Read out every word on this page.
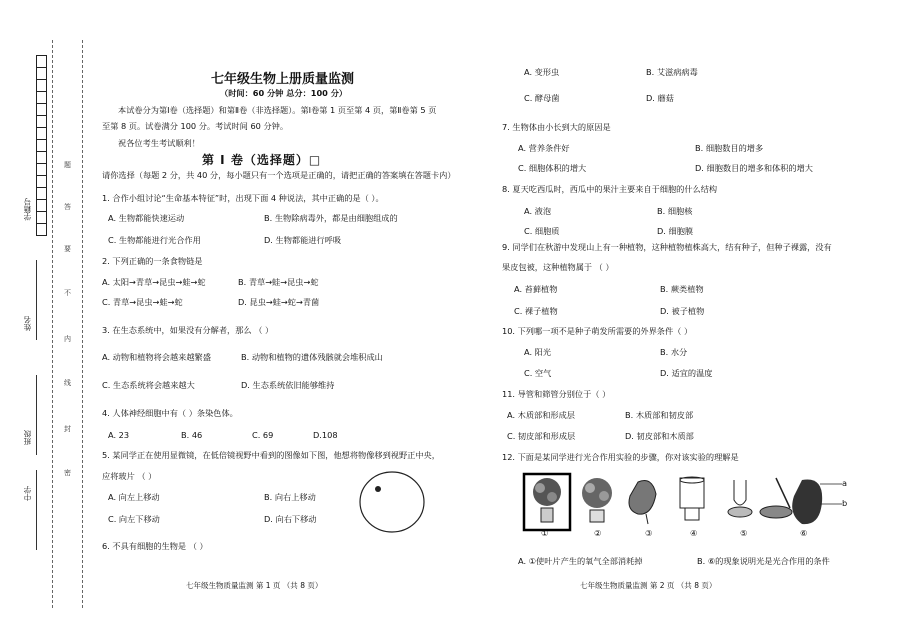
学籍号
姓名
班级
中学
题
答
要
不
内
线
封
密
七年级生物上册质量监测
（时间：60 分钟 总分：100 分）
本试卷分为第Ⅰ卷（选择题）和第Ⅱ卷（非选择题）。第Ⅰ卷第 1 页至第 4 页，第Ⅱ卷第 5 页
至第 8 页。试卷满分 100 分。考试时间 60 分钟。
祝各位考生考试顺利！
第 Ⅰ 卷（选择题）□
请你选择（每题 2 分，共 40 分，每小题只有一个选项是正确的，请把正确的答案填在答题卡内）
1. 合作小组讨论“生命基本特征”时，出现下面 4 种说法，其中正确的是（ ）。
A. 生物都能快速运动	B. 生物除病毒外，都是由细胞组成的
C. 生物都能进行光合作用	D. 生物都能进行呼吸
2. 下列正确的一条食物链是
A. 太阳→青草→昆虫→蛙→蛇	B. 青草→蛙→昆虫→蛇
C. 青草→昆虫→蛙→蛇	D. 昆虫→蛙→蛇→青菌
3. 在生态系统中，如果没有分解者，那么 （ ）
A. 动物和植物将会越来越繁盛	B. 动物和植物的遗体残骸就会堆积成山
C. 生态系统将会越来越大	D. 生态系统依旧能够维持
4. 人体神经细胞中有（ ）条染色体。
A. 23	B. 46	C. 69	D.108
5. 某同学正在使用显微镜，在低倍镜视野中看到的图像如下图，他想将物像移到视野正中央，
应将玻片 （ ）
A. 向左上移动	B. 向右上移动
C. 向左下移动	D. 向右下移动
6. 不具有细胞的生物是 （ ）
七年级生物质量监测 第 1 页 （共 8 页）
A. 变形虫	B. 艾滋病病毒
C. 酵母菌	D. 蘑菇
7. 生物体由小长到大的原因是
A. 营养条件好	B. 细胞数目的增多
C. 细胞体积的增大	D. 细胞数目的增多和体积的增大
8. 夏天吃西瓜时，西瓜中的果汁主要来自于细胞的什么结构
A. 液泡	B. 细胞核
C. 细胞质	D. 细胞膜
9. 同学们在秋游中发现山上有一种植物，这种植物植株高大，结有种子，但种子裸露，没有
果皮包被，这种植物属于 （ ）
A. 苔藓植物	B. 蕨类植物
C. 裸子植物	D. 被子植物
10. 下列哪一项不是种子萌发所需要的外界条件（ ）
A. 阳光	B. 水分
C. 空气	D. 适宜的温度
11. 导管和筛管分别位于（ ）
A. 木质部和形成层	B. 木质部和韧皮部
C. 韧皮部和形成层	D. 韧皮部和木质部
12. 下面是某同学进行光合作用实验的步骤，你对该实验的理解是
a
b
①	②	③	④	⑤	⑥
A. ①使叶片产生的氧气全部消耗掉	B. ⑥的现象说明光是光合作用的条件
七年级生物质量监测 第 2 页 （共 8 页）
